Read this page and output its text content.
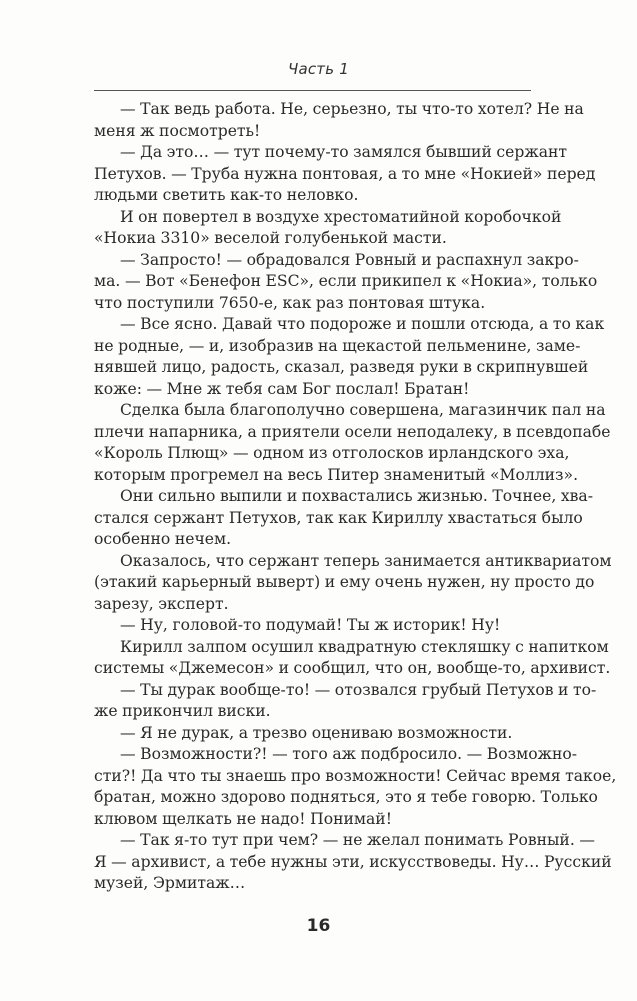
Часть 1
— Так ведь работа. Не, серьезно, ты что-то хотел? Не на
меня ж посмотреть!
— Да это… — тут почему-то замялся бывший сержант
Петухов. — Труба нужна понтовая, а то мне «Нокией» перед
людьми светить как-то неловко.
И он повертел в воздухе хрестоматийной коробочкой
«Нокиа 3310» веселой голубенькой масти.
— Запросто! — обрадовался Ровный и распахнул закро-
ма. — Вот «Бенефон ESC», если прикипел к «Нокиа», только
что поступили 7650-е, как раз понтовая штука.
— Все ясно. Давай что подороже и пошли отсюда, а то как
не родные, — и, изобразив на щекастой пельменине, заме-
нявшей лицо, радость, сказал, разведя руки в скрипнувшей
коже: — Мне ж тебя сам Бог послал! Братан!
Сделка была благополучно совершена, магазинчик пал на
плечи напарника, а приятели осели неподалеку, в псевдопабе
«Король Плющ» — одном из отголосков ирландского эха,
которым прогремел на весь Питер знаменитый «Моллиз».
Они сильно выпили и похвастались жизнью. Точнее, хва-
стался сержант Петухов, так как Кириллу хвастаться было
особенно нечем.
Оказалось, что сержант теперь занимается антиквариатом
(этакий карьерный выверт) и ему очень нужен, ну просто до
зарезу, эксперт.
— Ну, головой-то подумай! Ты ж историк! Ну!
Кирилл залпом осушил квадратную стекляшку с напитком
системы «Джемесон» и сообщил, что он, вообще-то, архивист.
— Ты дурак вообще-то! — отозвался грубый Петухов и то-
же прикончил виски.
— Я не дурак, а трезво оцениваю возможности.
— Возможности?! — того аж подбросило. — Возможно-
сти?! Да что ты знаешь про возможности! Сейчас время такое,
братан, можно здорово подняться, это я тебе говорю. Только
клювом щелкать не надо! Понимай!
— Так я-то тут при чем? — не желал понимать Ровный. —
Я — архивист, а тебе нужны эти, искусствоведы. Ну… Русский
музей, Эрмитаж…
16
